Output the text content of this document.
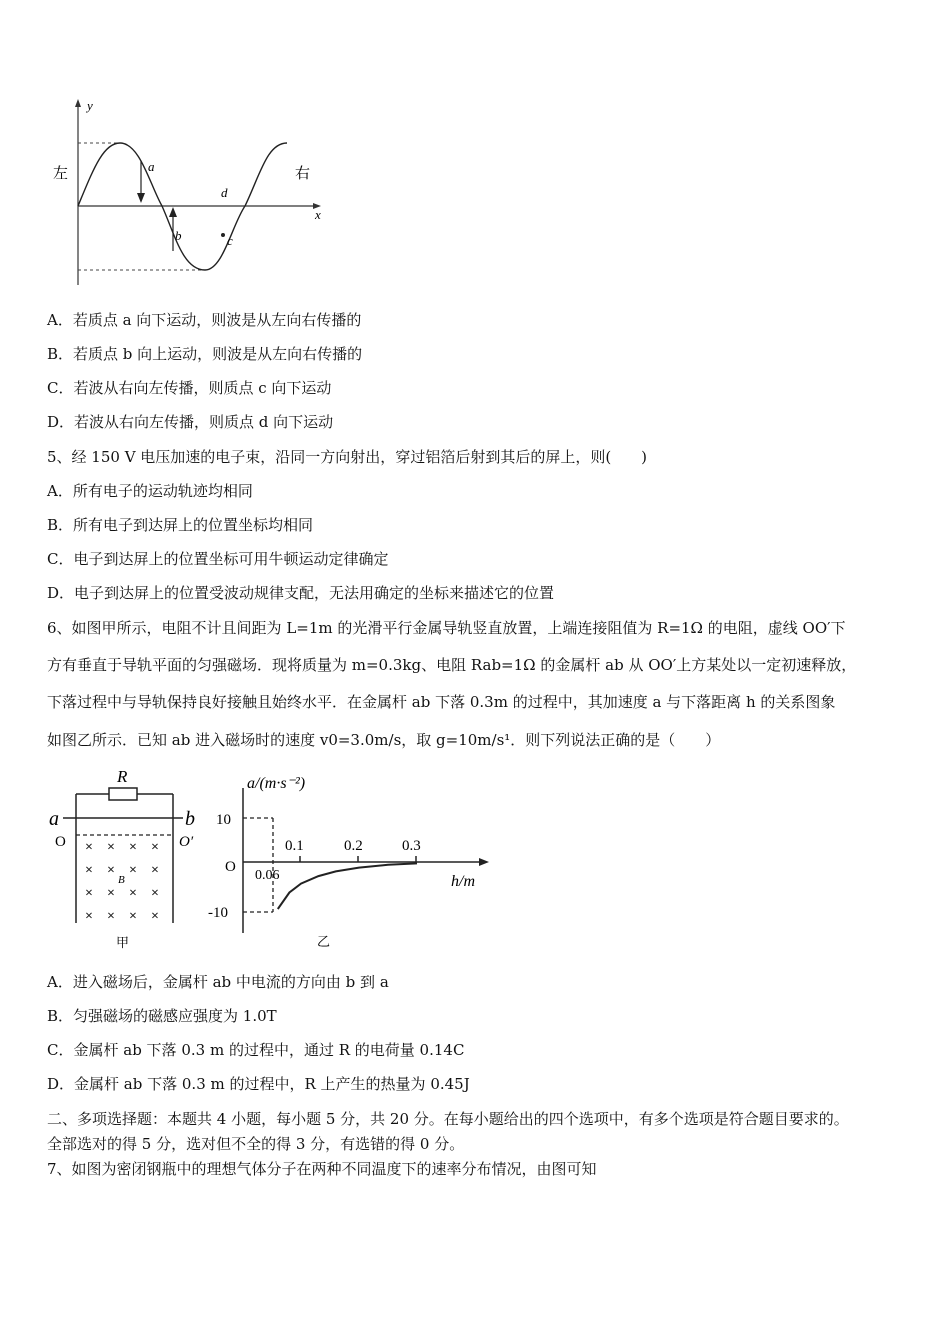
y
x
a
b	c
d
左	右
A．若质点 a 向下运动，则波是从左向右传播的
B．若质点 b 向上运动，则波是从左向右传播的
C．若波从右向左传播，则质点 c 向下运动
D．若波从右向左传播，则质点 d 向下运动
5、经 150 V 电压加速的电子束，沿同一方向射出，穿过铝箔后射到其后的屏上，则(　　)
A．所有电子的运动轨迹均相同
B．所有电子到达屏上的位置坐标均相同
C．电子到达屏上的位置坐标可用牛顿运动定律确定
D．电子到达屏上的位置受波动规律支配，无法用确定的坐标来描述它的位置
6、如图甲所示，电阻不计且间距为 L=1m 的光滑平行金属导轨竖直放置，上端连接阻值为 R=1Ω 的电阻，虚线 OO′下
方有垂直于导轨平面的匀强磁场．现将质量为 m=0.3kg、电阻 Rab=1Ω 的金属杆 ab 从 OO′上方某处以一定初速释放，
下落过程中与导轨保持良好接触且始终水平．在金属杆 ab 下落 0.3m 的过程中，其加速度 a 与下落距离 h 的关系图象
如图乙所示．已知 ab 进入磁场时的速度 v0=3.0m/s，取 g=10m/s¹．则下列说法正确的是（　　）
R
a	b
O	O′
× × × ×
× × × ×
× × × ×
× × × ×
B
甲
a/(m·s⁻²)
h/m
O
10
-10
0.1	0.2	0.3
0.06
乙
A．进入磁场后，金属杆 ab 中电流的方向由 b 到 a
B．匀强磁场的磁感应强度为 1.0T
C．金属杆 ab 下落 0.3 m 的过程中，通过 R 的电荷量 0.14C
D．金属杆 ab 下落 0.3 m 的过程中，R 上产生的热量为 0.45J
二、多项选择题：本题共 4 小题，每小题 5 分，共 20 分。在每小题给出的四个选项中，有多个选项是符合题目要求的。
全部选对的得 5 分，选对但不全的得 3 分，有选错的得 0 分。
7、如图为密闭钢瓶中的理想气体分子在两种不同温度下的速率分布情况，由图可知
